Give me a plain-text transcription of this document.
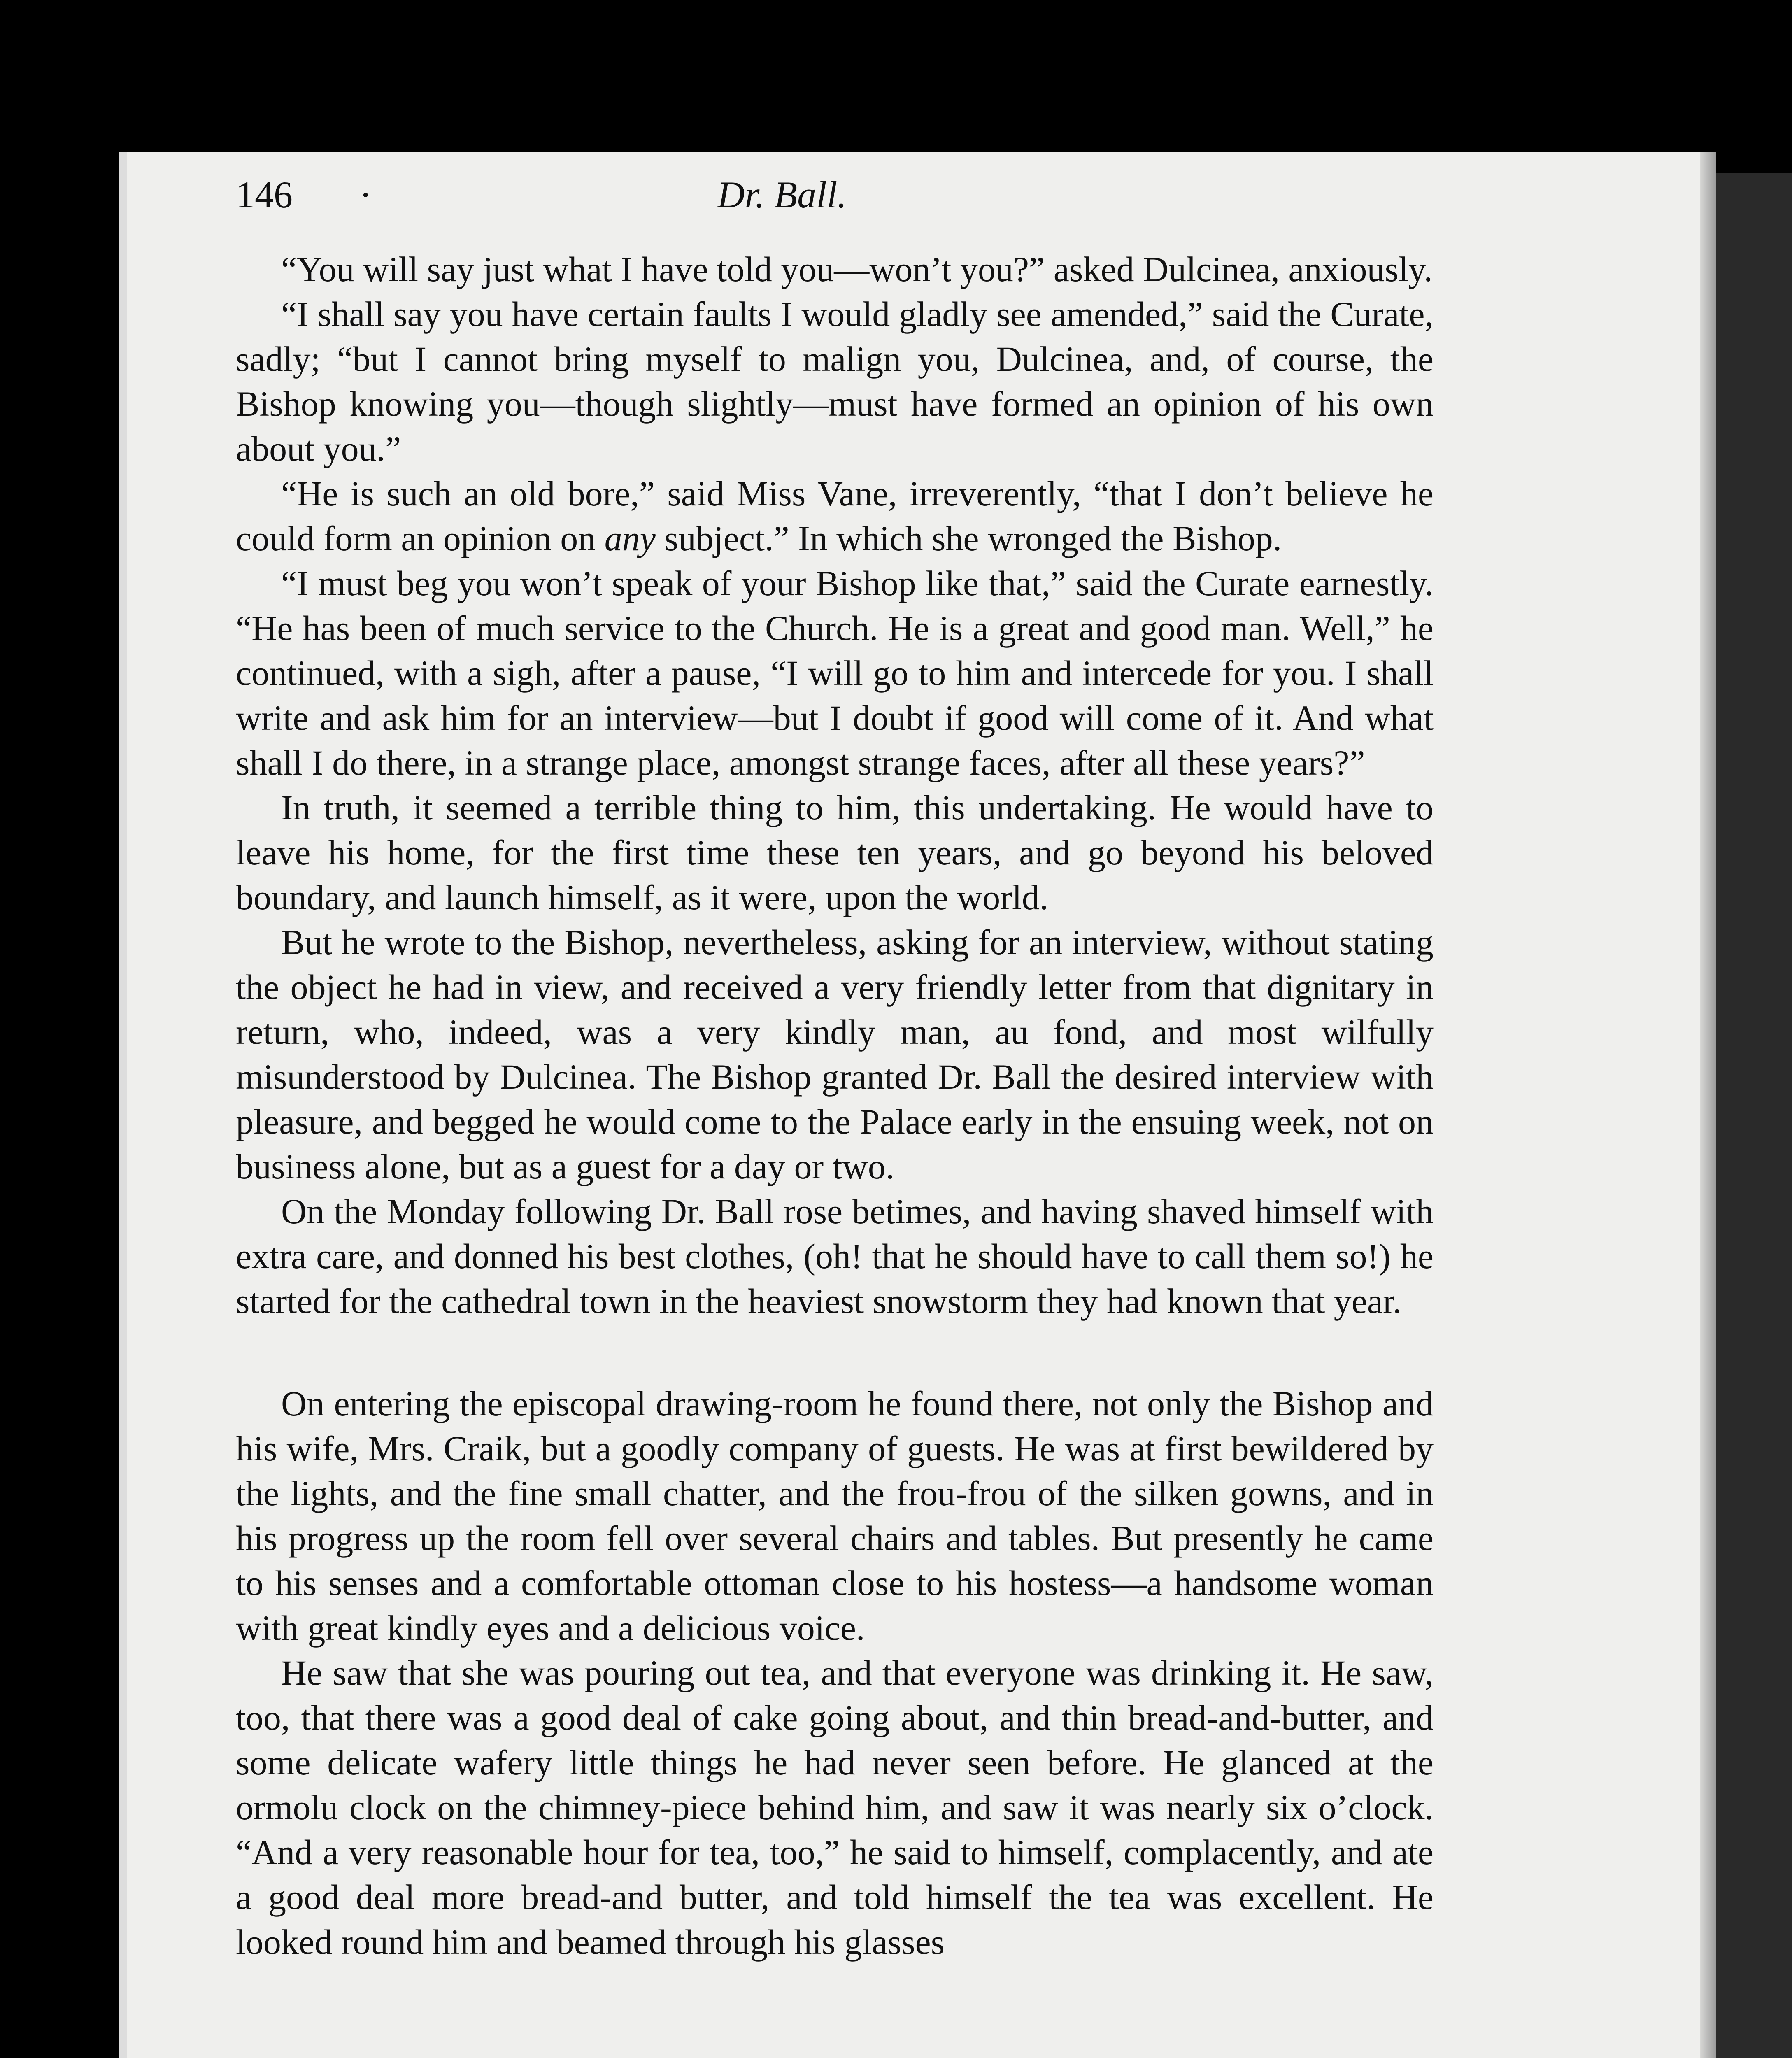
146 ·	Dr. Ball.

“You will say just what I have told you—won’t you?” asked Dulcinea, anxiously.

“I shall say you have certain faults I would gladly see amended,” said the Curate, sadly; “but I cannot bring myself to malign you, Dulcinea, and, of course, the Bishop knowing you—though slightly—must have formed an opinion of his own about you.”

“He is such an old bore,” said Miss Vane, irreverently, “that I don’t believe he could form an opinion on any subject.” In which she wronged the Bishop.

“I must beg you won’t speak of your Bishop like that,” said the Curate earnestly. “He has been of much service to the Church. He is a great and good man. Well,” he continued, with a sigh, after a pause, “I will go to him and intercede for you. I shall write and ask him for an interview—but I doubt if good will come of it. And what shall I do there, in a strange place, amongst strange faces, after all these years?”

In truth, it seemed a terrible thing to him, this undertaking. He would have to leave his home, for the first time these ten years, and go beyond his beloved boundary, and launch himself, as it were, upon the world.

But he wrote to the Bishop, nevertheless, asking for an interview, without stating the object he had in view, and received a very friendly letter from that dignitary in return, who, indeed, was a very kindly man, au fond, and most wilfully misunderstood by Dulcinea. The Bishop granted Dr. Ball the desired interview with pleasure, and begged he would come to the Palace early in the ensuing week, not on business alone, but as a guest for a day or two.

On the Monday following Dr. Ball rose betimes, and having shaved himself with extra care, and donned his best clothes, (oh! that he should have to call them so!) he started for the cathedral town in the heaviest snowstorm they had known that year.

On entering the episcopal drawing-room he found there, not only the Bishop and his wife, Mrs. Craik, but a goodly company of guests. He was at first bewildered by the lights, and the fine small chatter, and the frou-frou of the silken gowns, and in his progress up the room fell over several chairs and tables. But presently he came to his senses and a comfortable ottoman close to his hostess—a handsome woman with great kindly eyes and a delicious voice.

He saw that she was pouring out tea, and that everyone was drinking it. He saw, too, that there was a good deal of cake going about, and thin bread-and-butter, and some delicate wafery little things he had never seen before. He glanced at the ormolu clock on the chimney-piece behind him, and saw it was nearly six o’clock. “And a very reasonable hour for tea, too,” he said to himself, complacently, and ate a good deal more bread-and butter, and told himself the tea was excellent. He looked round him and beamed through his glasses
